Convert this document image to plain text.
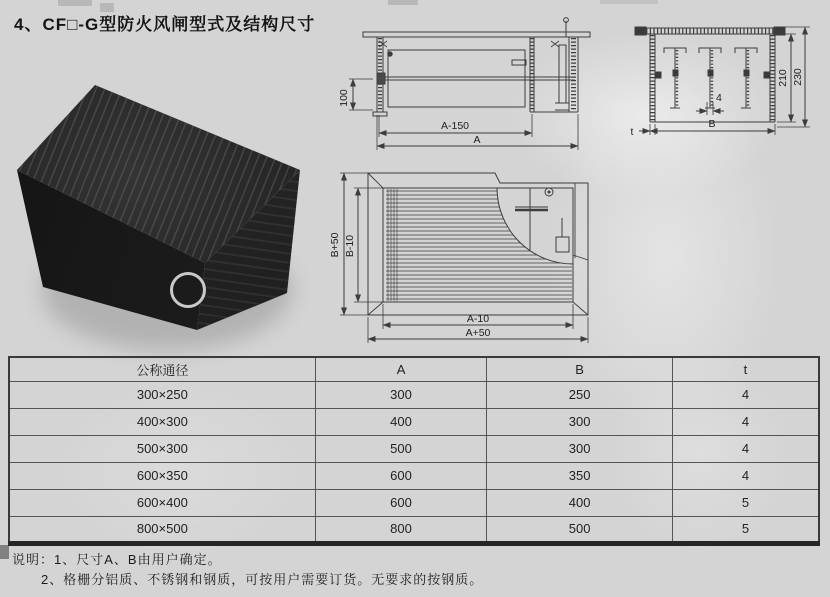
4、CF□-G型防火风闸型式及结构尺寸
100
A-150
A
210 230
4
B
t
B+50 B-10
A-10
A+50
公称通径	A	B	t
300×250	300	250	4
400×300	400	300	4
500×300	500	300	4
600×350	600	350	4
600×400	600	400	5
800×500	800	500	5
说明：1、尺寸A、B由用户确定。
2、格栅分铝质、不锈钢和钢质，可按用户需要订货。无要求的按钢质。
